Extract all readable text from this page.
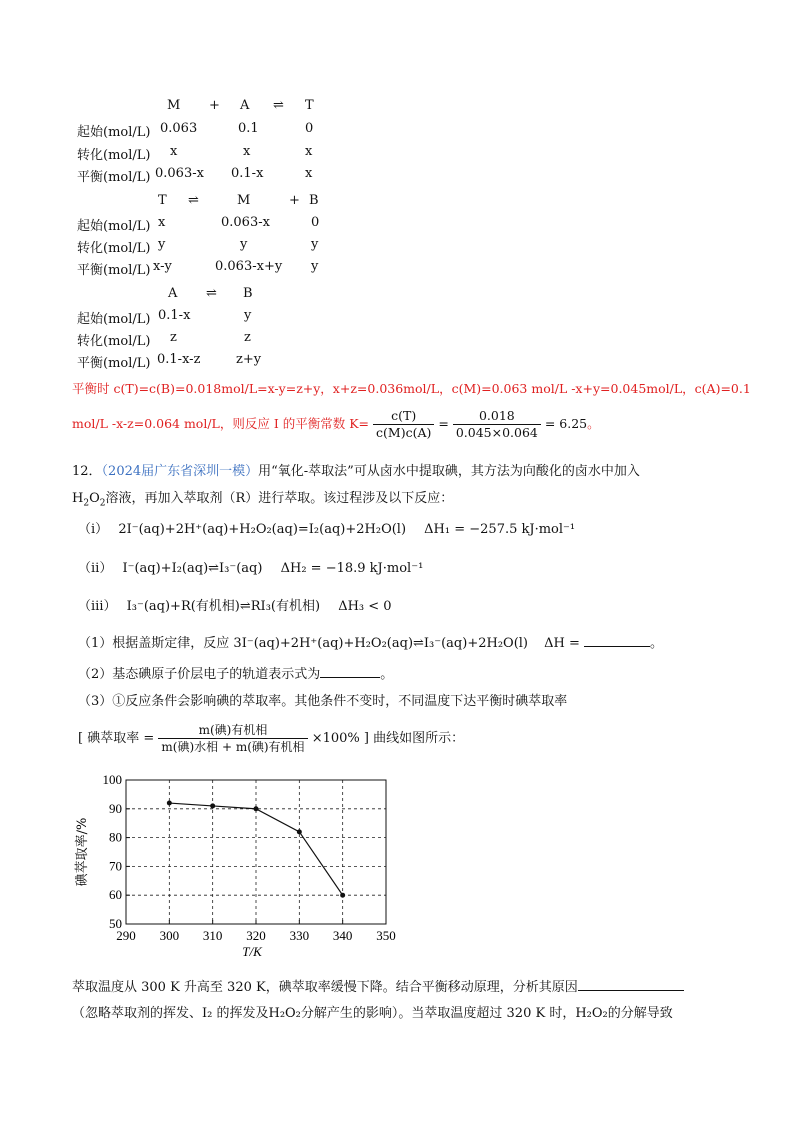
M + A ⇌ T
起始(mol/L) 0.063	0.1	0
转化(mol/L) x	x	x
平衡(mol/L) 0.063-x 0.1-x	x
T ⇌	M	+ B
起始(mol/L) x	0.063-x	0
转化(mol/L) y	y	y
平衡(mol/L) x-y	0.063-x+y y
A ⇌ B
起始(mol/L) 0.1-x	y
转化(mol/L) z	z
平衡(mol/L) 0.1-x-z	z+y
平衡时 c(T)=c(B)=0.018mol/L=x-y=z+y，x+z=0.036mol/L，c(M)=0.063 mol/L -x+y=0.045mol/L，c(A)=0.1
mol/L -x-z=0.064 mol/L，则反应 I 的平衡常数 $K= \frac{c(T)}{c(M)c(A)} = \frac{0.018}{0.045\times 0.064} = 6.25$。
12．（2024届广东省深圳一模）用“氧化-萃取法”可从卤水中提取碘，其方法为向酸化的卤水中加入
$H_2O_2$溶液，再加入萃取剂（R）进行萃取。该过程涉及以下反应：
（ⅰ） 2I⁻(aq)+2H⁺(aq)+H₂O₂(aq)=I₂(aq)+2H₂O(l) ΔH₁ = −257.5 kJ·mol⁻¹
（ⅱ） I⁻(aq)+I₂(aq)⇌I₃⁻(aq) ΔH₂ = −18.9 kJ·mol⁻¹
（ⅲ） I₃⁻(aq)+R(有机相)⇌RI₃(有机相) ΔH₃ < 0
（1）根据盖斯定律，反应 3I⁻(aq)+2H⁺(aq)+H₂O₂(aq)⇌I₃⁻(aq)+2H₂O(l) ΔH =	。
（2）基态碘原子价层电子的轨道表示式为	。
（3）①反应条件会影响碘的萃取率。其他条件不变时，不同温度下达平衡时碘萃取率
[ 碘萃取率 = $\frac{\text{m(碘)有机相}}{\text{m(碘)水相 + m(碘)有机相}} \times 100\%$ ] 曲线如图所示：
290 300 310 320 330 340 350
50
60
70
80
90
100
T/K
碘萃取率/%
萃取温度从 300 K 升高至 320 K，碘萃取率缓慢下降。结合平衡移动原理，分析其原因
（忽略萃取剂的挥发、I₂ 的挥发及H₂O₂分解产生的影响）。当萃取温度超过 320 K 时，H₂O₂的分解导致
